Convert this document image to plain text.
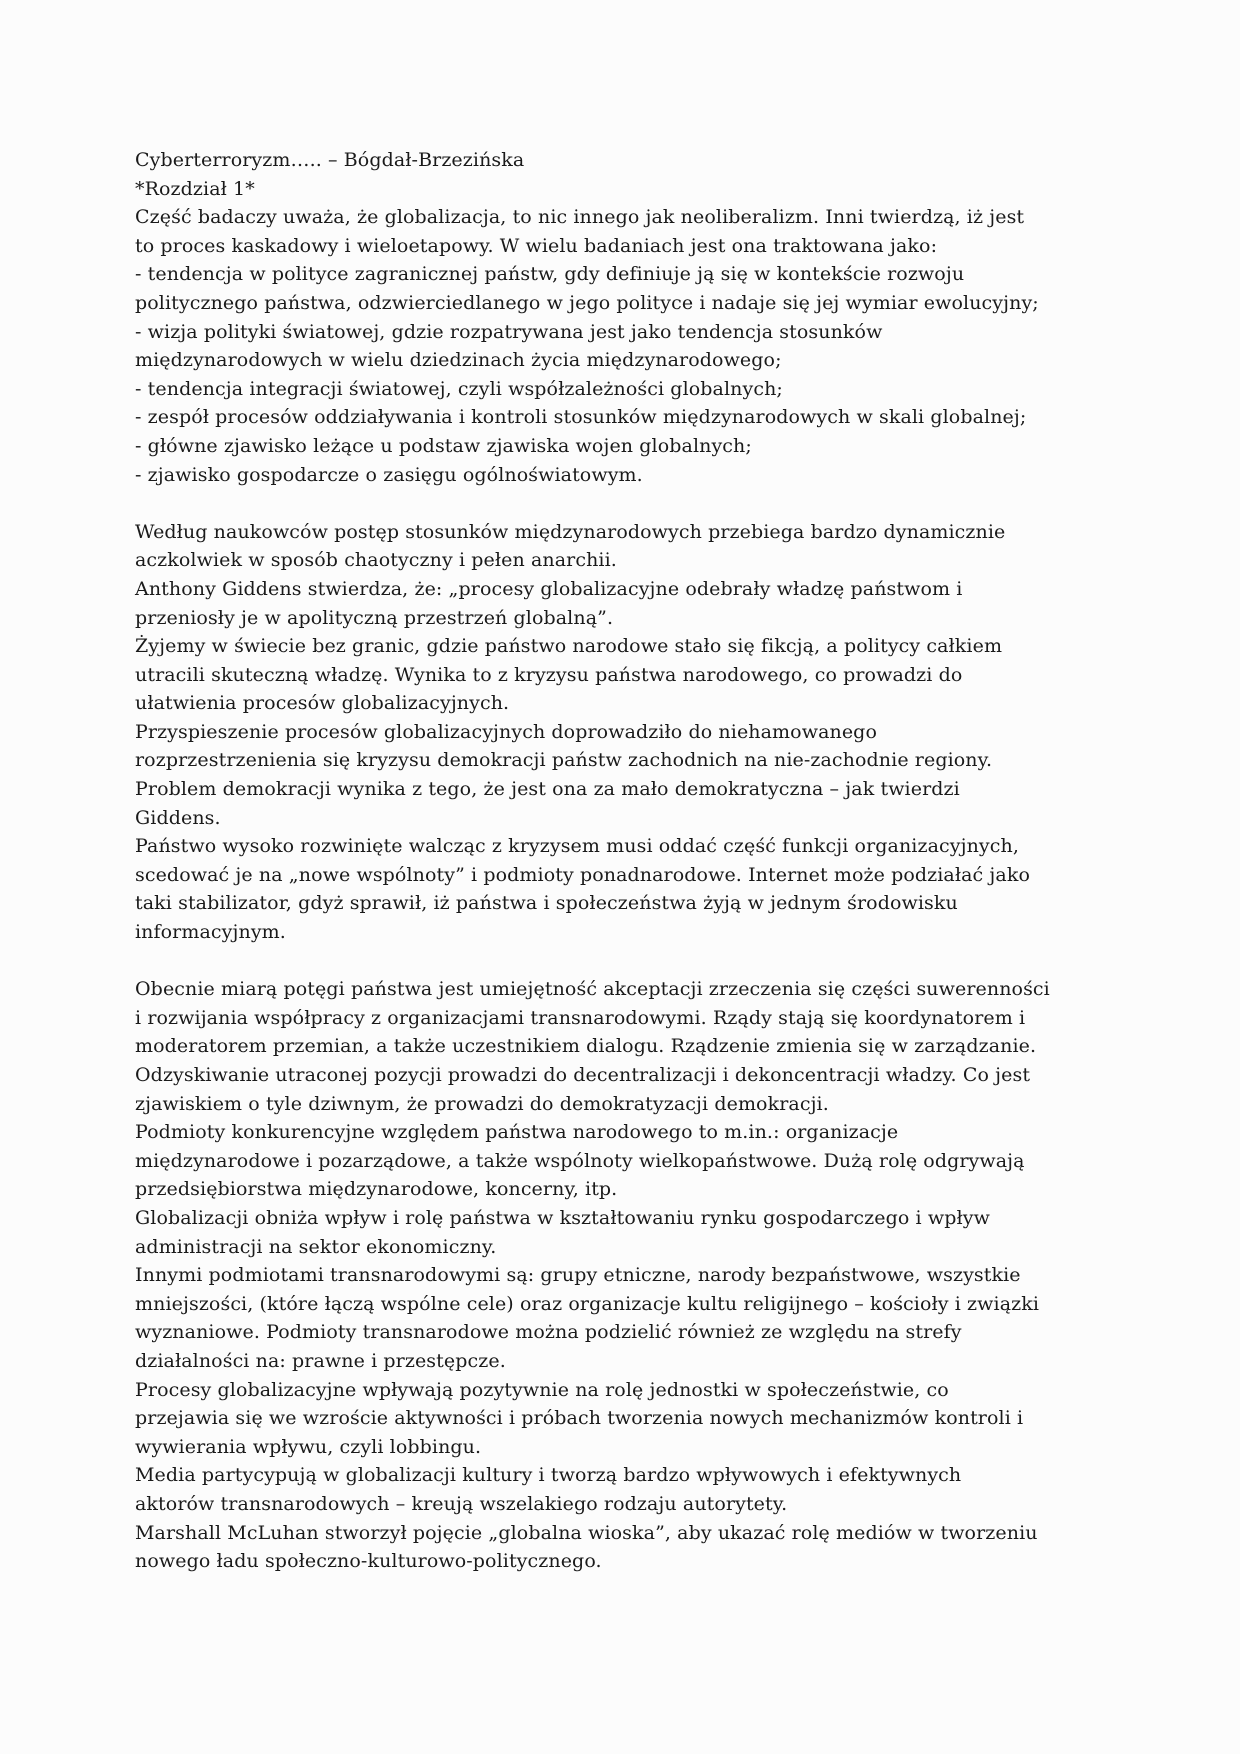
Cyberterroryzm….. – Bógdał-Brzezińska
*Rozdział 1*
Część badaczy uważa, że globalizacja, to nic innego jak neoliberalizm. Inni twierdzą, iż jest
to proces kaskadowy i wieloetapowy. W wielu badaniach jest ona traktowana jako:
- tendencja w polityce zagranicznej państw, gdy definiuje ją się w kontekście rozwoju
politycznego państwa, odzwierciedlanego w jego polityce i nadaje się jej wymiar ewolucyjny;
- wizja polityki światowej, gdzie rozpatrywana jest jako tendencja stosunków
międzynarodowych w wielu dziedzinach życia międzynarodowego;
- tendencja integracji światowej, czyli współzależności globalnych;
- zespół procesów oddziaływania i kontroli stosunków międzynarodowych w skali globalnej;
- główne zjawisko leżące u podstaw zjawiska wojen globalnych;
- zjawisko gospodarcze o zasięgu ogólnoświatowym.
Według naukowców postęp stosunków międzynarodowych przebiega bardzo dynamicznie
aczkolwiek w sposób chaotyczny i pełen anarchii.
Anthony Giddens stwierdza, że: „procesy globalizacyjne odebrały władzę państwom i
przeniosły je w apolityczną przestrzeń globalną”.
Żyjemy w świecie bez granic, gdzie państwo narodowe stało się fikcją, a politycy całkiem
utracili skuteczną władzę. Wynika to z kryzysu państwa narodowego, co prowadzi do
ułatwienia procesów globalizacyjnych.
Przyspieszenie procesów globalizacyjnych doprowadziło do niehamowanego
rozprzestrzenienia się kryzysu demokracji państw zachodnich na nie-zachodnie regiony.
Problem demokracji wynika z tego, że jest ona za mało demokratyczna – jak twierdzi
Giddens.
Państwo wysoko rozwinięte walcząc z kryzysem musi oddać część funkcji organizacyjnych,
scedować je na „nowe wspólnoty” i podmioty ponadnarodowe. Internet może podziałać jako
taki stabilizator, gdyż sprawił, iż państwa i społeczeństwa żyją w jednym środowisku
informacyjnym.
Obecnie miarą potęgi państwa jest umiejętność akceptacji zrzeczenia się części suwerenności
i rozwijania współpracy z organizacjami transnarodowymi. Rządy stają się koordynatorem i
moderatorem przemian, a także uczestnikiem dialogu. Rządzenie zmienia się w zarządzanie.
Odzyskiwanie utraconej pozycji prowadzi do decentralizacji i dekoncentracji władzy. Co jest
zjawiskiem o tyle dziwnym, że prowadzi do demokratyzacji demokracji.
Podmioty konkurencyjne względem państwa narodowego to m.in.: organizacje
międzynarodowe i pozarządowe, a także wspólnoty wielkopaństwowe. Dużą rolę odgrywają
przedsiębiorstwa międzynarodowe, koncerny, itp.
Globalizacji obniża wpływ i rolę państwa w kształtowaniu rynku gospodarczego i wpływ
administracji na sektor ekonomiczny.
Innymi podmiotami transnarodowymi są: grupy etniczne, narody bezpaństwowe, wszystkie
mniejszości, (które łączą wspólne cele) oraz organizacje kultu religijnego – kościoły i związki
wyznaniowe. Podmioty transnarodowe można podzielić również ze względu na strefy
działalności na: prawne i przestępcze.
Procesy globalizacyjne wpływają pozytywnie na rolę jednostki w społeczeństwie, co
przejawia się we wzroście aktywności i próbach tworzenia nowych mechanizmów kontroli i
wywierania wpływu, czyli lobbingu.
Media partycypują w globalizacji kultury i tworzą bardzo wpływowych i efektywnych
aktorów transnarodowych – kreują wszelakiego rodzaju autorytety.
Marshall McLuhan stworzył pojęcie „globalna wioska”, aby ukazać rolę mediów w tworzeniu
nowego ładu społeczno-kulturowo-politycznego.
